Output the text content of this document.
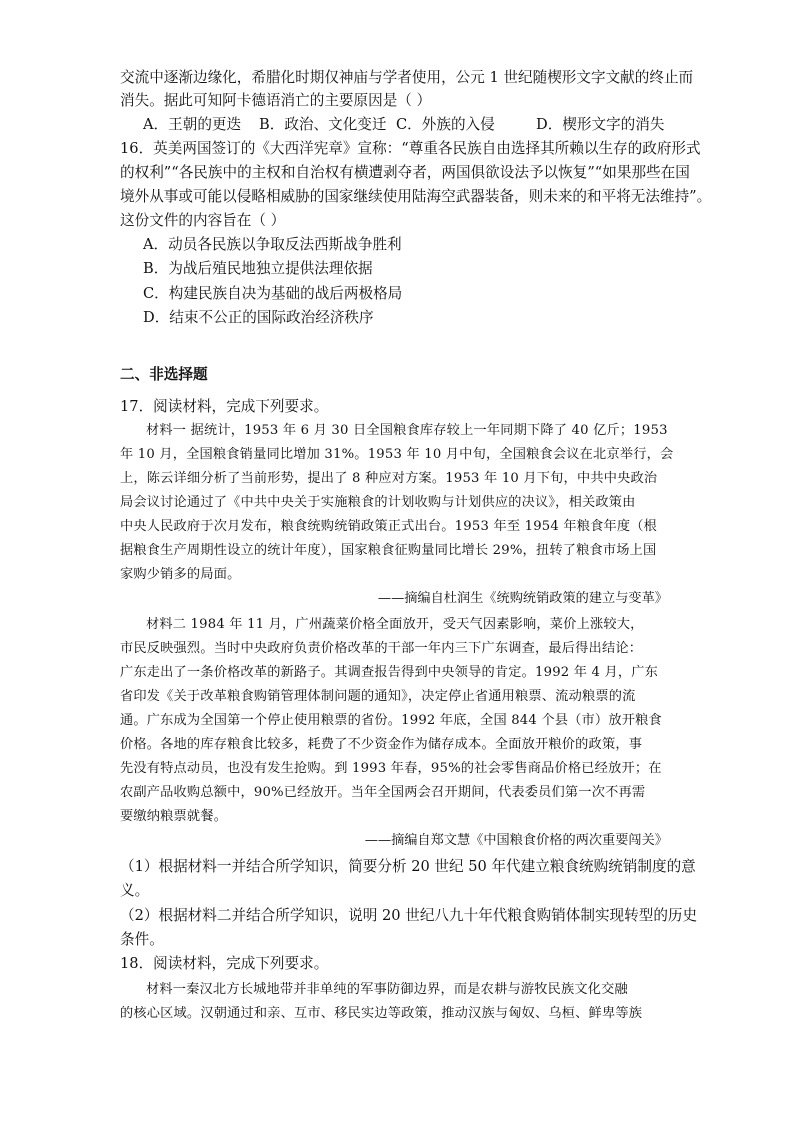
交流中逐渐边缘化，希腊化时期仅神庙与学者使用，公元 1 世纪随楔形文字文献的终止而
消失。据此可知阿卡德语消亡的主要原因是（ ）
A．王朝的更迭 B．政治、文化变迁 C．外族的入侵	D．楔形文字的消失
16．英美两国签订的《大西洋宪章》宣称：“尊重各民族自由选择其所赖以生存的政府形式
的权利”“各民族中的主权和自治权有横遭剥夺者，两国俱欲设法予以恢复”“如果那些在国
境外从事或可能以侵略相威胁的国家继续使用陆海空武器装备，则未来的和平将无法维持”。
这份文件的内容旨在（ ）
A．动员各民族以争取反法西斯战争胜利
B．为战后殖民地独立提供法理依据
C．构建民族自决为基础的战后两极格局
D．结束不公正的国际政治经济秩序
二、非选择题
17．阅读材料，完成下列要求。
材料一 据统计，1953 年 6 月 30 日全国粮食库存较上一年同期下降了 40 亿斤；1953
年 10 月，全国粮食销量同比增加 31%。1953 年 10 月中旬，全国粮食会议在北京举行，会
上，陈云详细分析了当前形势，提出了 8 种应对方案。1953 年 10 月下旬，中共中央政治
局会议讨论通过了《中共中央关于实施粮食的计划收购与计划供应的决议》，相关政策由
中央人民政府于次月发布，粮食统购统销政策正式出台。1953 年至 1954 年粮食年度（根
据粮食生产周期性设立的统计年度），国家粮食征购量同比增长 29%，扭转了粮食市场上国
家购少销多的局面。
——摘编自杜润生《统购统销政策的建立与变革》
材料二 1984 年 11 月，广州蔬菜价格全面放开，受天气因素影响，菜价上涨较大，
市民反映强烈。当时中央政府负责价格改革的干部一年内三下广东调查，最后得出结论：
广东走出了一条价格改革的新路子。其调查报告得到中央领导的肯定。1992 年 4 月，广东
省印发《关于改革粮食购销管理体制问题的通知》，决定停止省通用粮票、流动粮票的流
通。广东成为全国第一个停止使用粮票的省份。1992 年底，全国 844 个县（市）放开粮食
价格。各地的库存粮食比较多，耗费了不少资金作为储存成本。全面放开粮价的政策，事
先没有特点动员，也没有发生抢购。到 1993 年春，95%的社会零售商品价格已经放开；在
农副产品收购总额中，90%已经放开。当年全国两会召开期间，代表委员们第一次不再需
要缴纳粮票就餐。
——摘编自郑文慧《中国粮食价格的两次重要闯关》
（1）根据材料一并结合所学知识，简要分析 20 世纪 50 年代建立粮食统购统销制度的意
义。
（2）根据材料二并结合所学知识，说明 20 世纪八九十年代粮食购销体制实现转型的历史
条件。
18．阅读材料，完成下列要求。
材料一秦汉北方长城地带并非单纯的军事防御边界，而是农耕与游牧民族文化交融
的核心区域。汉朝通过和亲、互市、移民实边等政策，推动汉族与匈奴、乌桓、鲜卑等族
